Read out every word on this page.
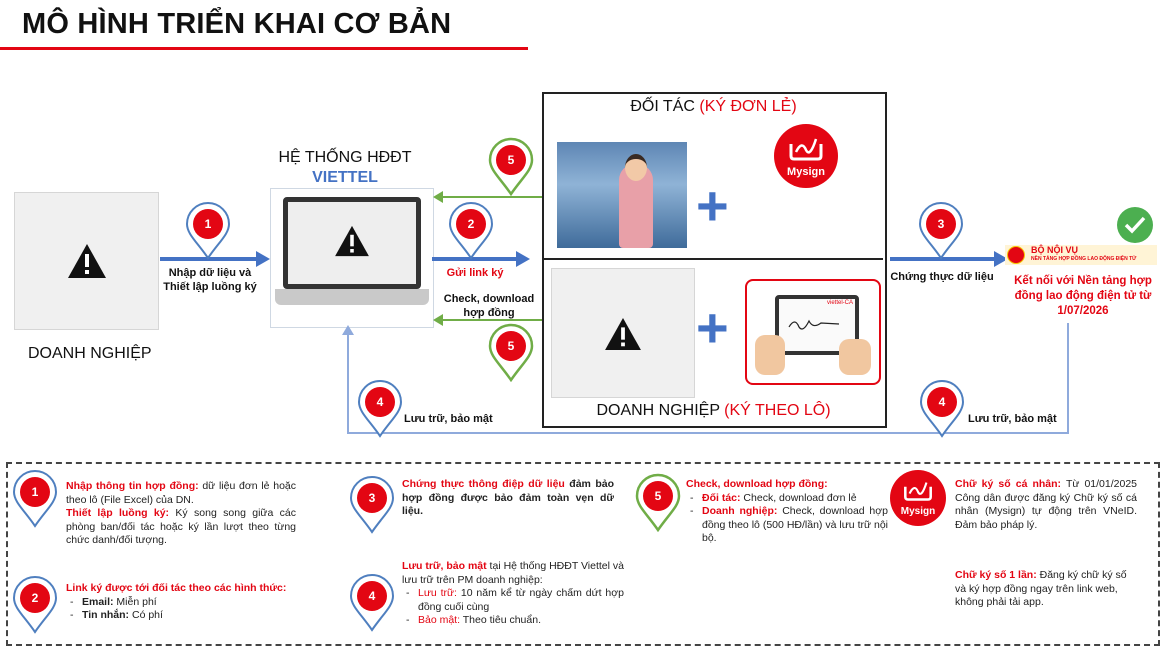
MÔ HÌNH TRIỂN KHAI CƠ BẢN
DOANH NGHIỆP
Nhập dữ liệu và Thiết lập luồng ký
1
HỆ THỐNG HĐĐT
VIETTEL
Gửi link ký
2
5
Check, download hợp đồng
5
ĐỐI TÁC (KÝ ĐƠN LẺ)
+
Mysign
+	viettel-CA
DOANH NGHIỆP (KÝ THEO LÔ)
Chứng thực dữ liệu
3
BỘ NỘI VỤ
NỀN TẢNG HỢP ĐỒNG LAO ĐỘNG ĐIỆN TỬ
Kết nối với Nền tảng hợp đồng lao động điện tử từ 1/07/2026
4
Lưu trữ, bảo mật
4
Lưu trữ, bảo mật
1	Nhập thông tin hợp đồng: dữ liệu đơn lẻ hoặc theo lô (File Excel) của DN.
Thiết lập luồng ký: Ký song song giữa các phòng ban/đối tác hoặc ký lần lượt theo từng chức danh/đối tượng.
2
Link ký được tới đối tác theo các hình thức:
- Email: Miễn phí
- Tin nhắn: Có phí
3
Chứng thực thông điệp dữ liệu đảm bảo hợp đồng được bảo đảm toàn vẹn dữ liệu.
4
Lưu trữ, bảo mật tại Hệ thống HĐĐT Viettel và lưu trữ trên PM doanh nghiệp:
- Lưu trữ: 10 năm kể từ ngày chấm dứt hợp đồng cuối cùng
- Bảo mật: Theo tiêu chuẩn.
5
Check, download hợp đồng:
- Đối tác: Check, download đơn lẻ
- Doanh nghiệp: Check, download hợp đồng theo lô (500 HĐ/lần) và lưu trữ nội bộ.
Mysign
Chữ ký số cá nhân: Từ 01/01/2025 Công dân được đăng ký Chữ ký số cá nhân (Mysign) tự động trên VNeID. Đảm bảo pháp lý.
Chữ ký số 1 lần: Đăng ký chữ ký số và ký hợp đồng ngay trên link web, không phải tải app.
